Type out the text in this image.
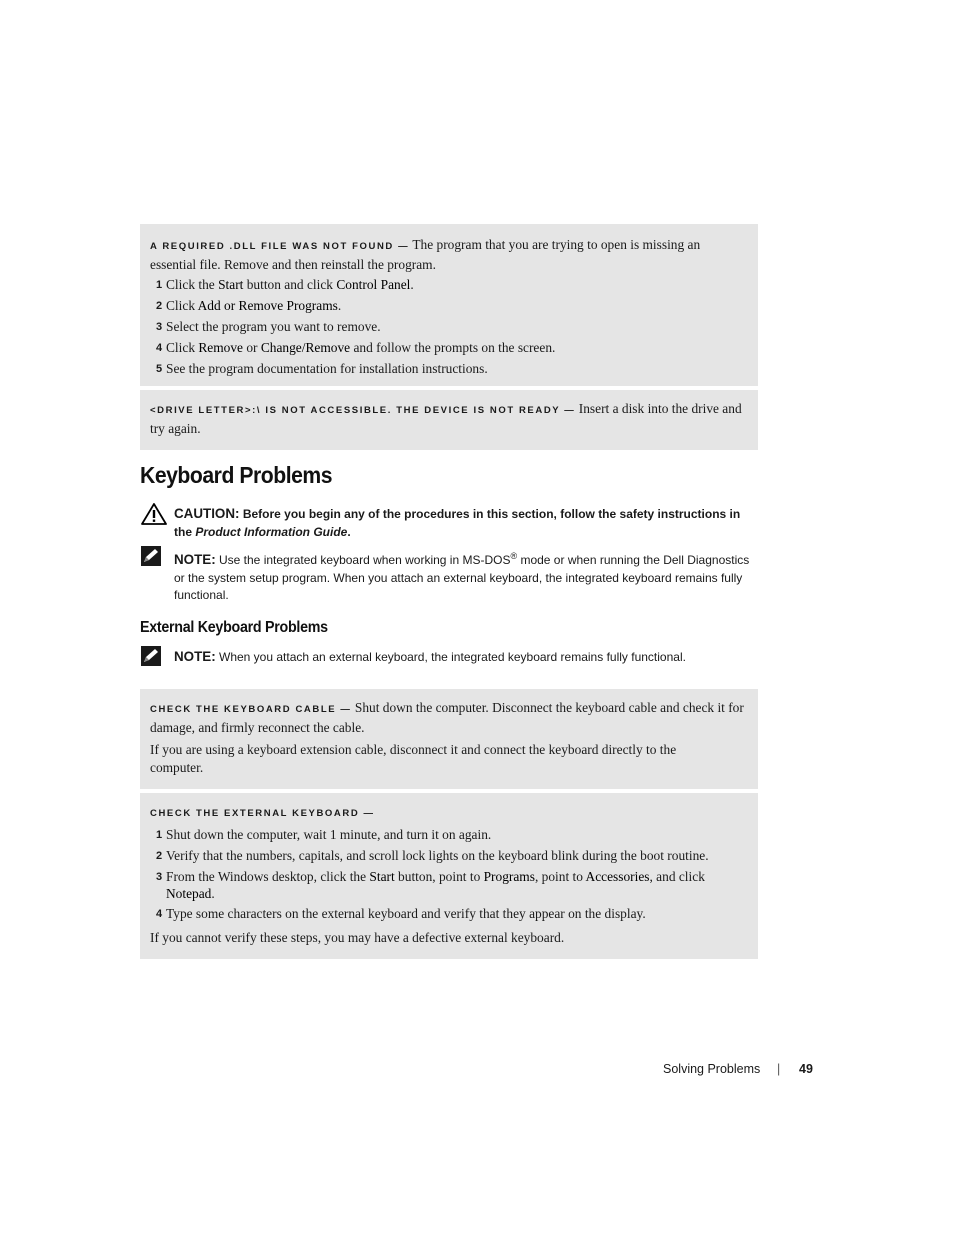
A REQUIRED .DLL FILE WAS NOT FOUND — The program that you are trying to open is missing an essential file. Remove and then reinstall the program.

1 Click the Start button and click Control Panel.
2 Click Add or Remove Programs.
3 Select the program you want to remove.
4 Click Remove or Change/Remove and follow the prompts on the screen.
5 See the program documentation for installation instructions.

<DRIVE LETTER>:\ IS NOT ACCESSIBLE. THE DEVICE IS NOT READY — Insert a disk into the drive and try again.

Keyboard Problems
CAUTION: Before you begin any of the procedures in this section, follow the safety instructions in the Product Information Guide.
NOTE: Use the integrated keyboard when working in MS-DOS® mode or when running the Dell Diagnostics or the system setup program. When you attach an external keyboard, the integrated keyboard remains fully functional.
External Keyboard Problems
NOTE: When you attach an external keyboard, the integrated keyboard remains fully functional.

CHECK THE KEYBOARD CABLE — Shut down the computer. Disconnect the keyboard cable and check it for damage, and firmly reconnect the cable.

If you are using a keyboard extension cable, disconnect it and connect the keyboard directly to the computer.

CHECK THE EXTERNAL KEYBOARD —

1 Shut down the computer, wait 1 minute, and turn it on again.
2 Verify that the numbers, capitals, and scroll lock lights on the keyboard blink during the boot routine.
3 From the Windows desktop, click the Start button, point to Programs, point to Accessories, and click Notepad.
4 Type some characters on the external keyboard and verify that they appear on the display.

If you cannot verify these steps, you may have a defective external keyboard.

Solving Problems | 49
